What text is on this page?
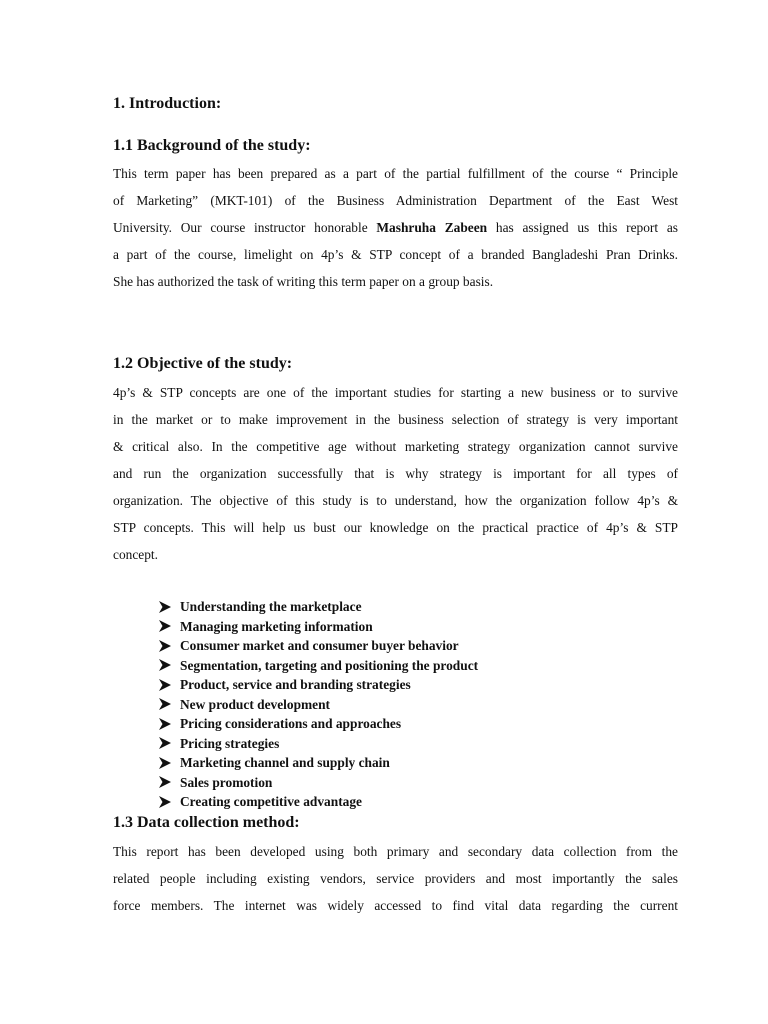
1. Introduction:
1.1 Background of the study:
This term paper has been prepared as a part of the partial fulfillment of the course “ Principle
of Marketing” (MKT-101) of the Business Administration Department of the East West
University. Our course instructor honorable Mashruha Zabeen has assigned us this report as
a part of the course, limelight on 4p’s & STP concept of a branded Bangladeshi Pran Drinks.
She has authorized the task of writing this term paper on a group basis.
1.2 Objective of the study:
4p’s & STP concepts are one of the important studies for starting a new business or to survive
in the market or to make improvement in the business selection of strategy is very important
& critical also. In the competitive age without marketing strategy organization cannot survive
and run the organization successfully that is why strategy is important for all types of
organization. The objective of this study is to understand, how the organization follow 4p’s &
STP concepts. This will help us bust our knowledge on the practical practice of 4p’s & STP
concept.
Understanding the marketplace
Managing marketing information
Consumer market and consumer buyer behavior
Segmentation, targeting and positioning the product
Product, service and branding strategies
New product development
Pricing considerations and approaches
Pricing strategies
Marketing channel and supply chain
Sales promotion
Creating competitive advantage
1.3 Data collection method:
This report has been developed using both primary and secondary data collection from the
related people including existing vendors, service providers and most importantly the sales
force members. The internet was widely accessed to find vital data regarding the current
